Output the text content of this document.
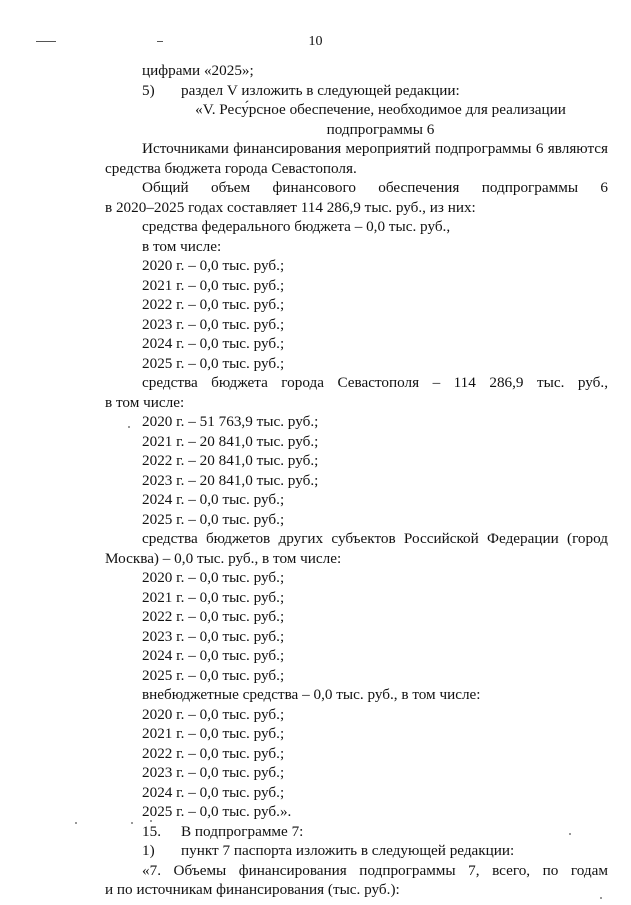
10
цифрами «2025»;
5) раздел V изложить в следующей редакции:
«V. Ресу́рсное обеспечение, необходимое для реализации
подпрограммы 6
Источниками финансирования мероприятий подпрограммы 6 являются
средства бюджета города Севастополя.
Общий объем финансового обеспечения подпрограммы 6
в 2020–2025 годах составляет 114 286,9 тыс. руб., из них:
средства федерального бюджета – 0,0 тыс. руб.,
в том числе:
2020 г. – 0,0 тыс. руб.;
2021 г. – 0,0 тыс. руб.;
2022 г. – 0,0 тыс. руб.;
2023 г. – 0,0 тыс. руб.;
2024 г. – 0,0 тыс. руб.;
2025 г. – 0,0 тыс. руб.;
средства бюджета города Севастополя – 114 286,9 тыс. руб.,
в том числе:
2020 г. – 51 763,9 тыс. руб.;
2021 г. – 20 841,0 тыс. руб.;
2022 г. – 20 841,0 тыс. руб.;
2023 г. – 20 841,0 тыс. руб.;
2024 г. – 0,0 тыс. руб.;
2025 г. – 0,0 тыс. руб.;
средства бюджетов других субъектов Российской Федерации (город
Москва) – 0,0 тыс. руб., в том числе:
2020 г. – 0,0 тыс. руб.;
2021 г. – 0,0 тыс. руб.;
2022 г. – 0,0 тыс. руб.;
2023 г. – 0,0 тыс. руб.;
2024 г. – 0,0 тыс. руб.;
2025 г. – 0,0 тыс. руб.;
внебюджетные средства – 0,0 тыс. руб., в том числе:
2020 г. – 0,0 тыс. руб.;
2021 г. – 0,0 тыс. руб.;
2022 г. – 0,0 тыс. руб.;
2023 г. – 0,0 тыс. руб.;
2024 г. – 0,0 тыс. руб.;
2025 г. – 0,0 тыс. руб.».
15. В подпрограмме 7:
1) пункт 7 паспорта изложить в следующей редакции:
«7. Объемы финансирования подпрограммы 7, всего, по годам
и по источникам финансирования (тыс. руб.):
